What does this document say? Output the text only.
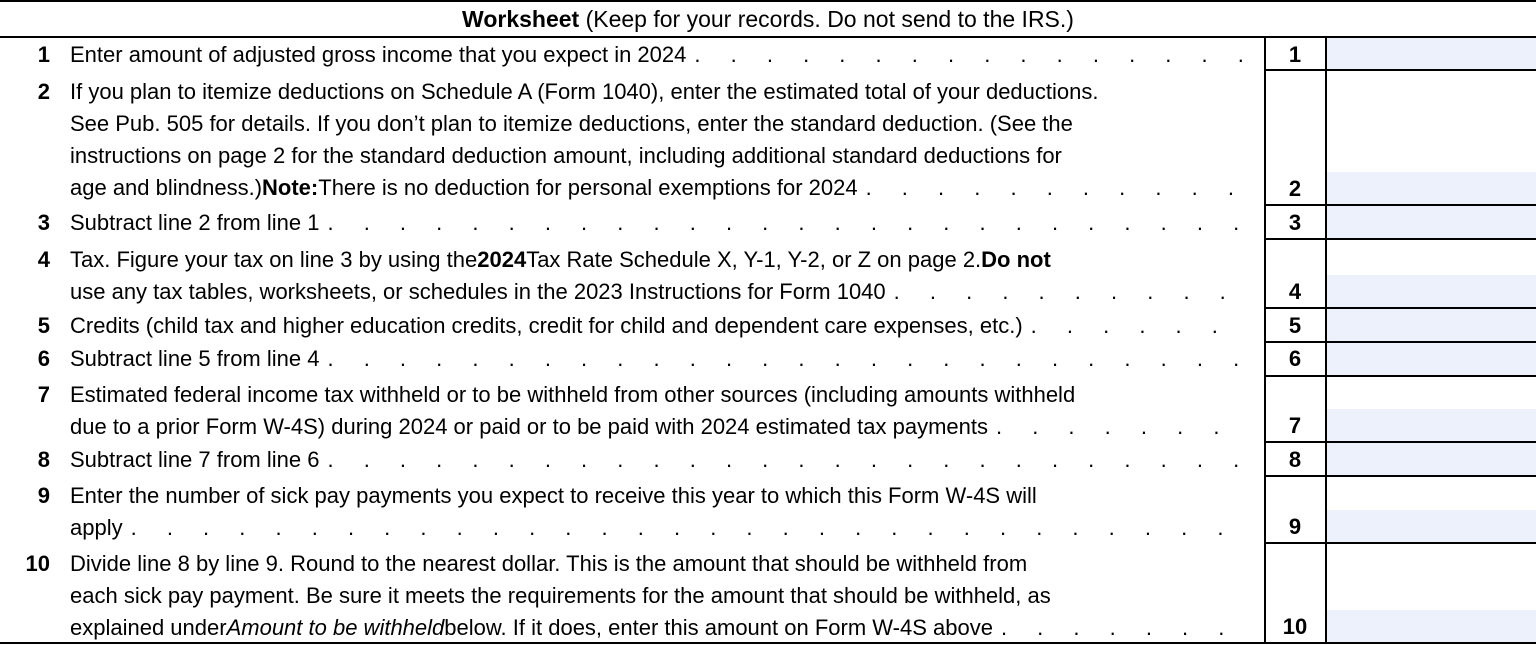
Worksheet (Keep for your records. Do not send to the IRS.)
1 Enter amount of adjusted gross income that you expect in 2024 . . .	1
2 If you plan to itemize deductions on Schedule A (Form 1040), enter the estimated total of your deductions.
See Pub. 505 for details. If you don’t plan to itemize deductions, enter the standard deduction. (See the
instructions on page 2 for the standard deduction amount, including additional standard deductions for
age and blindness.) Note: There is no deduction for personal exemptions for 2024 . . .	2
3 Subtract line 2 from line 1 . . .	3
4 Tax. Figure your tax on line 3 by using the 2024 Tax Rate Schedule X, Y-1, Y-2, or Z on page 2. Do not
use any tax tables, worksheets, or schedules in the 2023 Instructions for Form 1040 . . .	4
5 Credits (child tax and higher education credits, credit for child and dependent care expenses, etc.) . . .	5
6 Subtract line 5 from line 4 . . .	6
7 Estimated federal income tax withheld or to be withheld from other sources (including amounts withheld
due to a prior Form W-4S) during 2024 or paid or to be paid with 2024 estimated tax payments . . .	7
8 Subtract line 7 from line 6 . . .	8
9 Enter the number of sick pay payments you expect to receive this year to which this Form W-4S will
apply . . .	9
10 Divide line 8 by line 9. Round to the nearest dollar. This is the amount that should be withheld from
each sick pay payment. Be sure it meets the requirements for the amount that should be withheld, as
explained under Amount to be withheld below. If it does, enter this amount on Form W-4S above . . .	10
